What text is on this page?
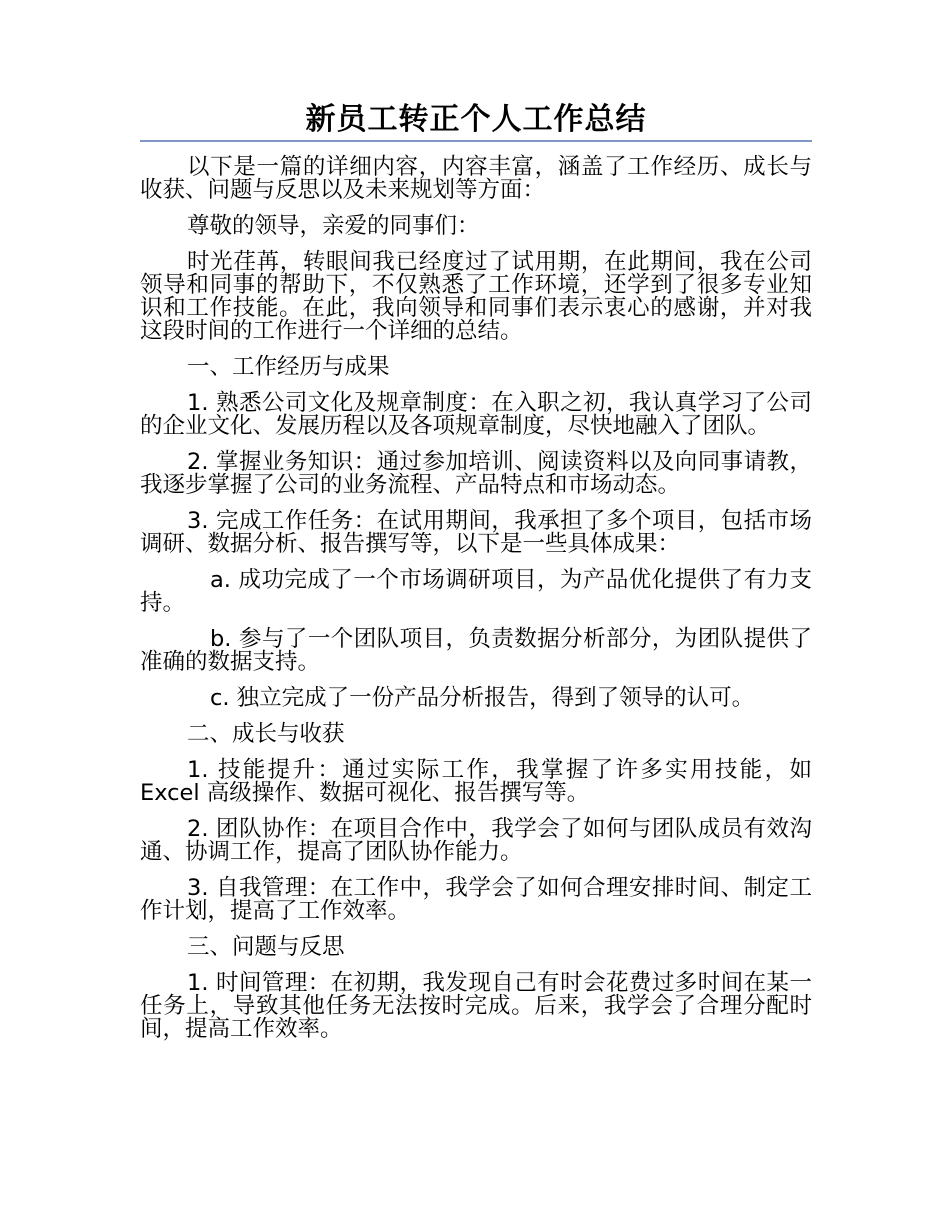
新员工转正个人工作总结

以下是一篇的详细内容，内容丰富，涵盖了工作经历、成长与收获、问题与反思以及未来规划等方面：

尊敬的领导，亲爱的同事们：

时光荏苒，转眼间我已经度过了试用期，在此期间，我在公司领导和同事的帮助下，不仅熟悉了工作环境，还学到了很多专业知识和工作技能。在此，我向领导和同事们表示衷心的感谢，并对我这段时间的工作进行一个详细的总结。

一、工作经历与成果

1. 熟悉公司文化及规章制度：在入职之初，我认真学习了公司的企业文化、发展历程以及各项规章制度，尽快地融入了团队。

2. 掌握业务知识：通过参加培训、阅读资料以及向同事请教，我逐步掌握了公司的业务流程、产品特点和市场动态。

3. 完成工作任务：在试用期间，我承担了多个项目，包括市场调研、数据分析、报告撰写等，以下是一些具体成果：

a. 成功完成了一个市场调研项目，为产品优化提供了有力支持。

b. 参与了一个团队项目，负责数据分析部分，为团队提供了准确的数据支持。

c. 独立完成了一份产品分析报告，得到了领导的认可。

二、成长与收获

1. 技能提升：通过实际工作，我掌握了许多实用技能，如Excel 高级操作、数据可视化、报告撰写等。

2. 团队协作：在项目合作中，我学会了如何与团队成员有效沟通、协调工作，提高了团队协作能力。

3. 自我管理：在工作中，我学会了如何合理安排时间、制定工作计划，提高了工作效率。

三、问题与反思

1. 时间管理：在初期，我发现自己有时会花费过多时间在某一任务上，导致其他任务无法按时完成。后来，我学会了合理分配时间，提高工作效率。
